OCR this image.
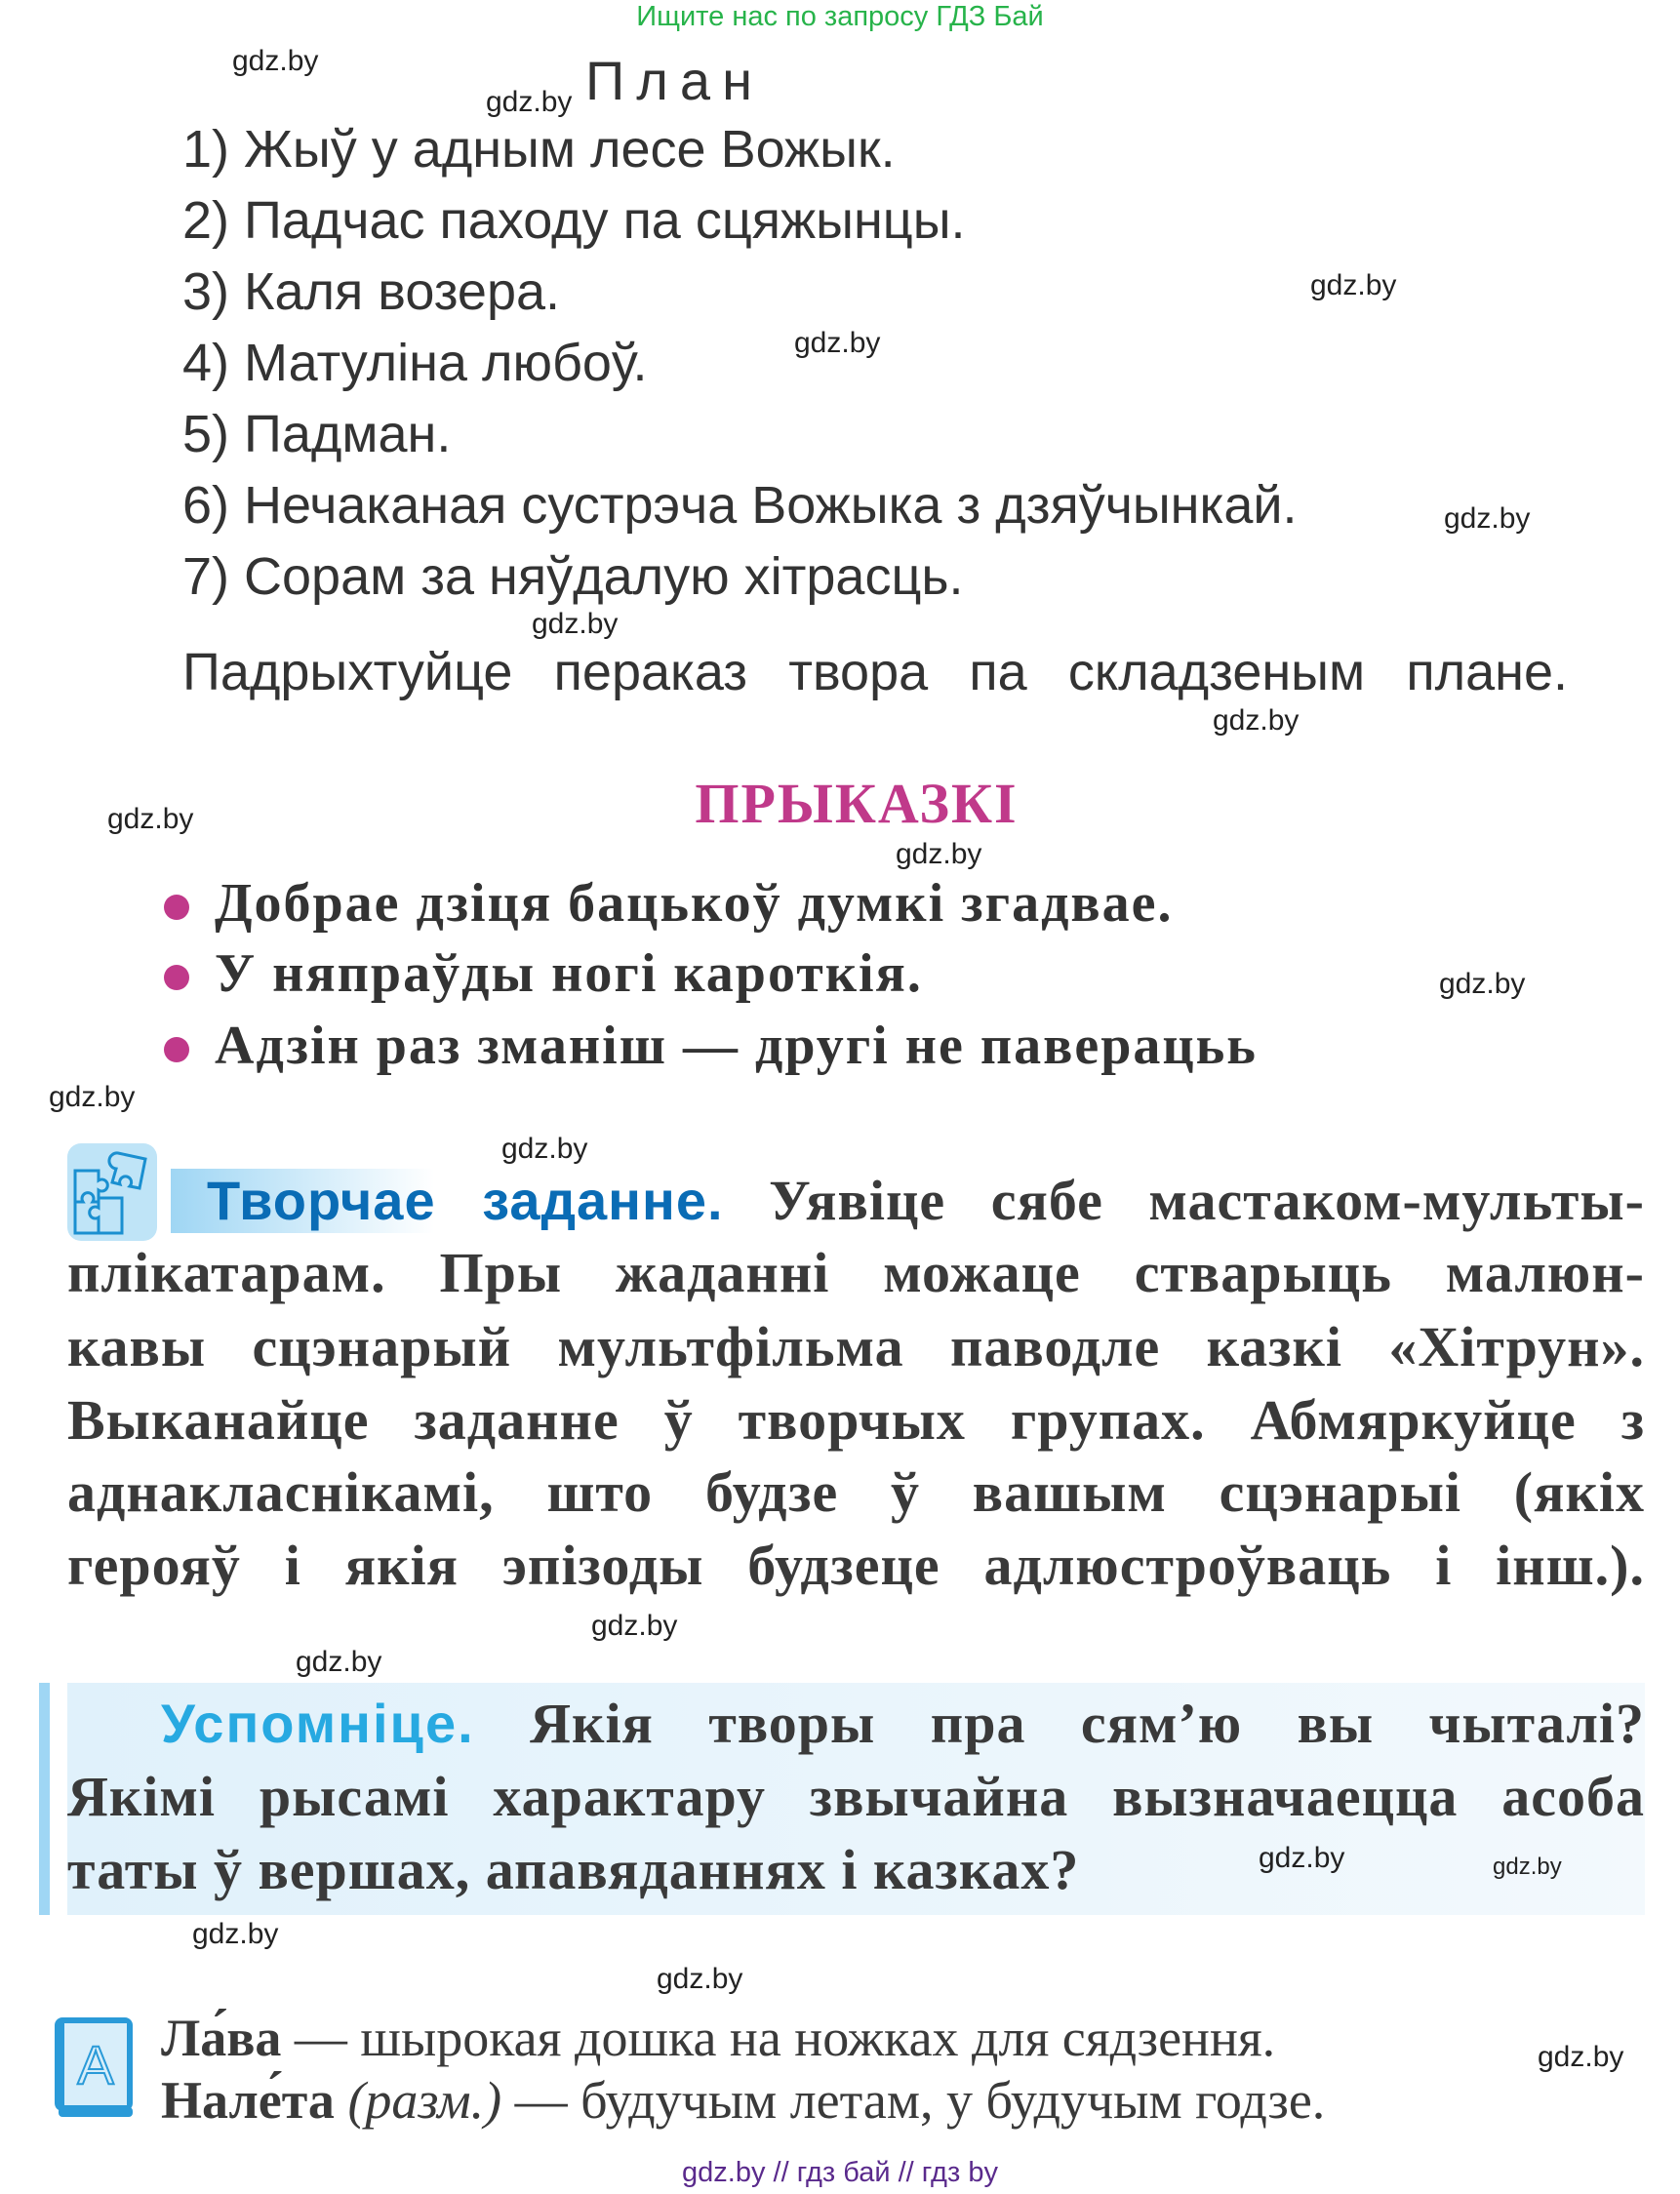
Ищите нас по запросу ГДЗ Бай
План
1) Жыў у адным лесе Вожык.
2) Падчас паходу па сцяжынцы.
3) Каля возера.
4) Матуліна любоў.
5) Падман.
6) Нечаканая сустрэча Вожыка з дзяўчынкай.
7) Сорам за няўдалую хітрасць.
Падрыхтуйце пераказ твора па складзеным плане.
ПРЫКАЗКІ
Добрае дзіця бацькоў думкі згадвае.
У няпраўды ногі кароткія.
Адзін раз зманіш — другі не паверацьь
Творчае заданне. Уявіце сябе мастаком-мульты-
плікатарам. Пры жаданні можаце стварыць малюн-
кавы сцэнарый мультфільма паводле казкі «Хітрун».
Выканайце заданне ў творчых групах. Абмяркуйце з
аднакласнікамі, што будзе ў вашым сцэнарыі (якіх
герояў і якія эпізоды будзеце адлюстроўваць і інш.).
Успомніце. Якія творы пра сям’ю вы чыталі?
Якімі рысамі характару звычайна вызначаецца асоба
таты ў вершах, апавяданнях і казках?
A Ла́ва — шырокая дошка на ножках для сядзення.
Нале́та (разм.) — будучым летам, у будучым годзе.
gdz.by // гдз бай // гдз by
gdz.by
gdz.by
gdz.by
gdz.by
gdz.by
gdz.by
gdz.by
gdz.by
gdz.by
gdz.by
gdz.by
gdz.by
gdz.by
gdz.by
gdz.by
gdz.by
gdz.by
gdz.by
gdz.by
